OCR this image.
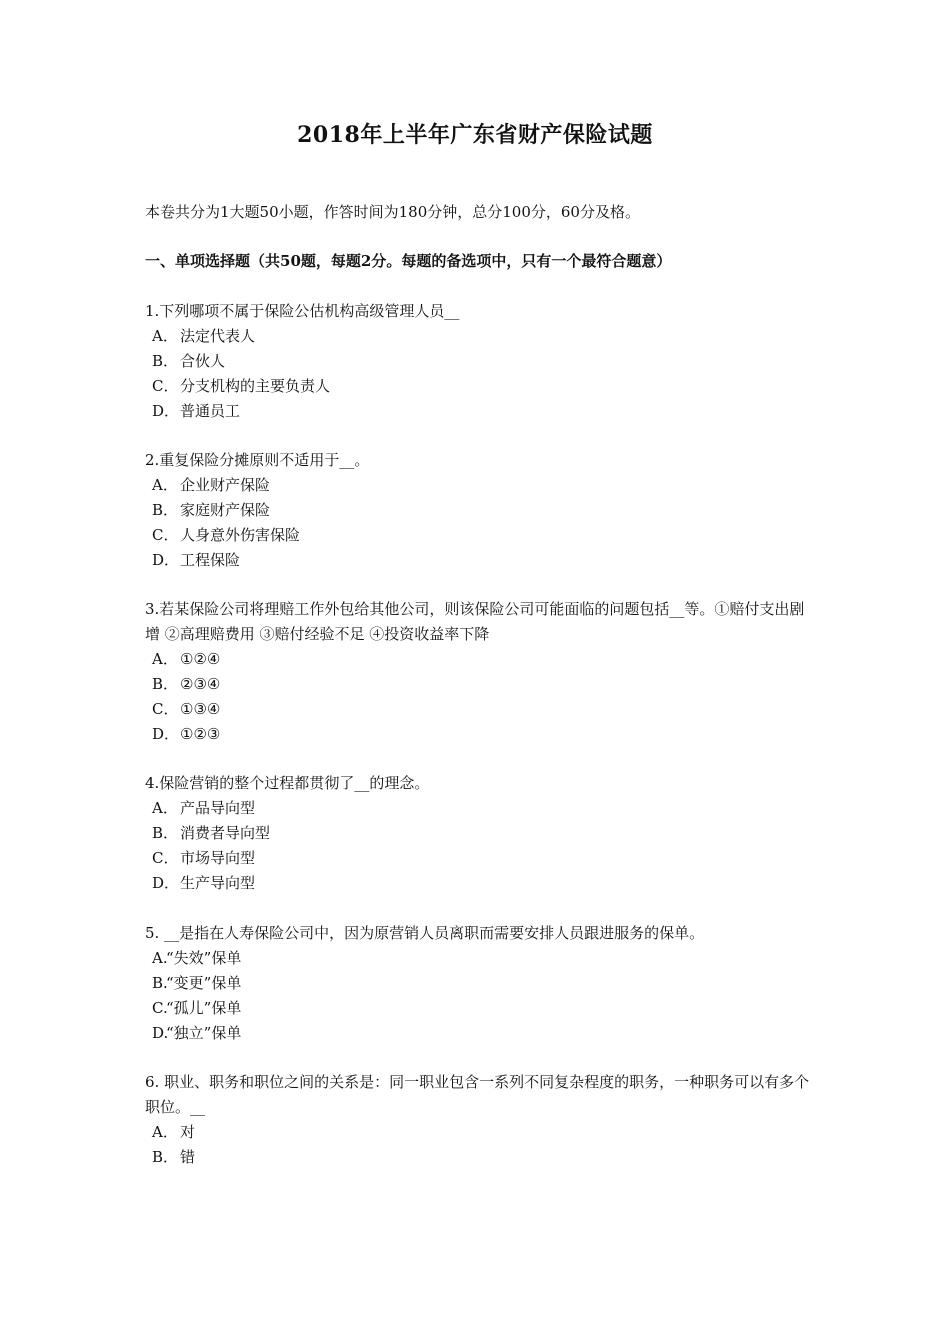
2018年上半年广东省财产保险试题
本卷共分为1大题50小题，作答时间为180分钟，总分100分，60分及格。
一、单项选择题（共50题，每题2分。每题的备选项中，只有一个最符合题意）

1.下列哪项不属于保险公估机构高级管理人员__

A． 法定代表人

B． 合伙人

C． 分支机构的主要负责人

D．普通员工

2.重复保险分摊原则不适用于__。

A． 企业财产保险

B． 家庭财产保险

C． 人身意外伤害保险

D．工程保险

3.若某保险公司将理赔工作外包给其他公司，则该保险公司可能面临的问题包括__等。①赔付支出剧增 ②高理赔费用 ③赔付经验不足 ④投资收益率下降

A． ①②④

B． ②③④

C． ①③④

D．①②③

4.保险营销的整个过程都贯彻了__的理念。

A． 产品导向型

B． 消费者导向型

C． 市场导向型

D．生产导向型

5. __是指在人寿保险公司中，因为原营销人员离职而需要安排人员跟进服务的保单。

A.“失效”保单

B.“变更”保单

C.“孤儿”保单

D.“独立”保单

6. 职业、职务和职位之间的关系是：同一职业包含一系列不同复杂程度的职务，一种职务可以有多个职位。__

A． 对

B． 错
